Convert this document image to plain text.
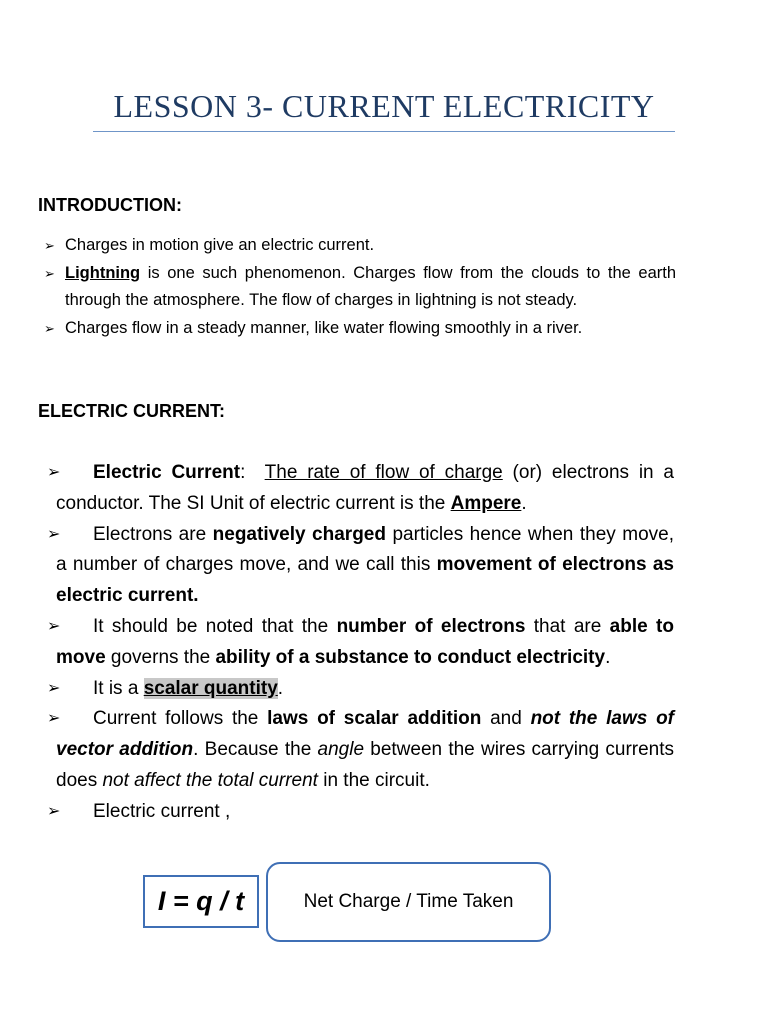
LESSON 3- CURRENT ELECTRICITY
INTRODUCTION:

➢ Charges in motion give an electric current.

➢ Lightning is one such phenomenon. Charges flow from the clouds to the earth through the atmosphere. The flow of charges in lightning is not steady.

➢ Charges flow in a steady manner, like water flowing smoothly in a river.

ELECTRIC CURRENT:

➢ Electric Current:  The rate of flow of charge (or) electrons in a conductor. The SI Unit of electric current is the Ampere.

➢ Electrons are negatively charged particles hence when they move, a number of charges move, and we call this movement of electrons as electric current.

➢ It should be noted that the number of electrons that are able to move governs the ability of a substance to conduct electricity.

➢ It is a scalar quantity.

➢ Current follows the laws of scalar addition and not the laws of vector addition. Because the angle between the wires carrying currents does not affect the total current in the circuit.

➢ Electric current ,

I = q / t	Net Charge / Time Taken
